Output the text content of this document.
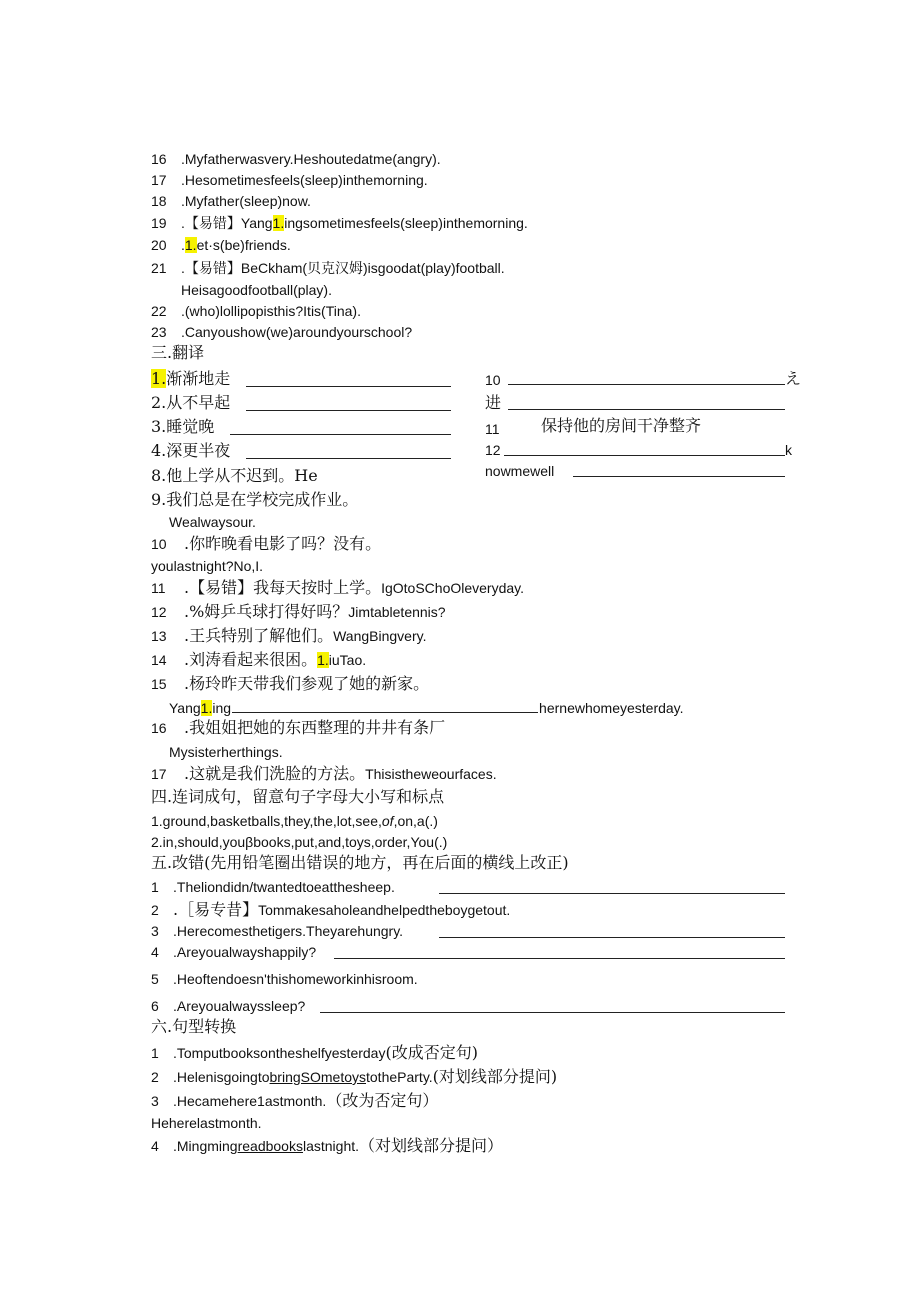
16 .Myfatherwasvery.Heshoutedatme(angry).
17 .Hesometimesfeels(sleep)inthemorning.
18 .Myfather(sleep)now.
19 .【易错】Yang1.ingsometimesfeels(sleep)inthemorning.
20 .1.et·s(be)friends.
21 .【易错】BeCkham(贝克汉姆)isgoodat(play)football.
Heisagoodfootball(play).
22 .(who)lollipopisthis?Itis(Tina).
23 .Canyoushow(we)aroundyourschool?
三.翻译
1.渐渐地走
2.从不早起
3.睡觉晚
4.深更半夜
10	え
进
11	保持他的房间干净整齐
12	k
nowmewell
8.他上学从不迟到。He
9.我们总是在学校完成作业。
Wealwaysour.
10 .你昨晚看电影了吗？没有。
youlastnight?No,I.
11 .【易错】我每天按时上学。IgOtoSChoOleveryday.
12 .%姆乒乓球打得好吗？Jimtabletennis?
13 .王兵特别了解他们。WangBingvery.
14 .刘涛看起来很困。1.iuTao.
15 .杨玲昨天带我们参观了她的新家。
Yang1.ing	hernewhomeyesterday.
16 .我姐姐把她的东西整理的井井有条厂
Mysisterherthings.
17 .这就是我们洗脸的方法。Thisistheweourfaces.
四.连词成句，留意句子字母大小写和标点
1.ground,basketballs,they,the,lot,see,of,on,a(.)
2.in,should,youβbooks,put,and,toys,order,You(.)
五.改错(先用铅笔圈出错误的地方，再在后面的横线上改正)
1 .Theliondidn/twantedtoeatthesheep.
2 .［易专昔】Tommakesaholeandhelpedtheboygetout.
3 .Herecomesthetigers.Theyarehungry.
4 .Areyoualwayshappily?
5 .Heoftendoesn'thishomeworkinhisroom.
6 .Areyoualwayssleep?
六.句型转换
1 .Tomputbooksontheshelfyesterday(改成否定句)
2 .HelenisgoingtobringSOmetoystotheParty.(对划线部分提问)
3 .Hecamehere1astmonth.（改为否定句）
Heherelastmonth.
4 .Mingmingreadbookslastnight.（对划线部分提问）
